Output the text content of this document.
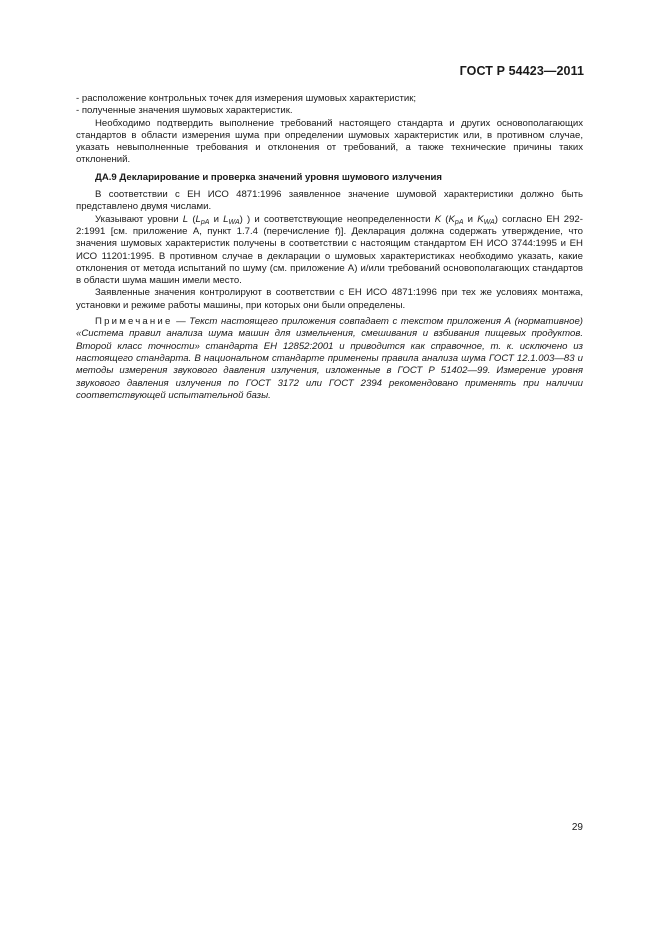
ГОСТ Р 54423—2011

- расположение контрольных точек для измерения шумовых характеристик;

- полученные значения шумовых характеристик.

Необходимо подтвердить выполнение требований настоящего стандарта и других основополагающих стандартов в области измерения шума при определении шумовых характеристик или, в противном случае, указать невыполненные требования и отклонения от требований, а также технические причины таких отклонений.

ДА.9 Декларирование и проверка значений уровня шумового излучения

В соответствии с ЕН ИСО 4871:1996 заявленное значение шумовой характеристики должно быть представлено двумя числами.

Указывают уровни L ($L_{pA}$ и $L_{WA}$) ) и соответствующие неопределенности K ($K_{pA}$ и $K_{WA}$) согласно ЕН 292-2:1991 [см. приложение А, пункт 1.7.4 (перечисление f)]. Декларация должна содержать утверждение, что значения шумовых характеристик получены в соответствии с настоящим стандартом ЕН ИСО 3744:1995 и ЕН ИСО 11201:1995. В противном случае в декларации о шумовых характеристиках необходимо указать, какие отклонения от метода испытаний по шуму (см. приложение А) и/или требований основополагающих стандартов в области шума машин имели место.

Заявленные значения контролируют в соответствии с ЕН ИСО 4871:1996 при тех же условиях монтажа, установки и режиме работы машины, при которых они были определены.

Примечание — Текст настоящего приложения совпадает с текстом приложения А (нормативное) «Система правил анализа шума машин для измельчения, смешивания и взбивания пищевых продуктов. Второй класс точности» стандарта ЕН 12852:2001 и приводится как справочное, т. к. исключено из настоящего стандарта. В национальном стандарте применены правила анализа шума ГОСТ 12.1.003—83 и методы измерения звукового давления излучения, изложенные в ГОСТ Р 51402—99. Измерение уровня звукового давления излучения по ГОСТ 3172 или ГОСТ 2394 рекомендовано применять при наличии соответствующей испытательной базы.

29
